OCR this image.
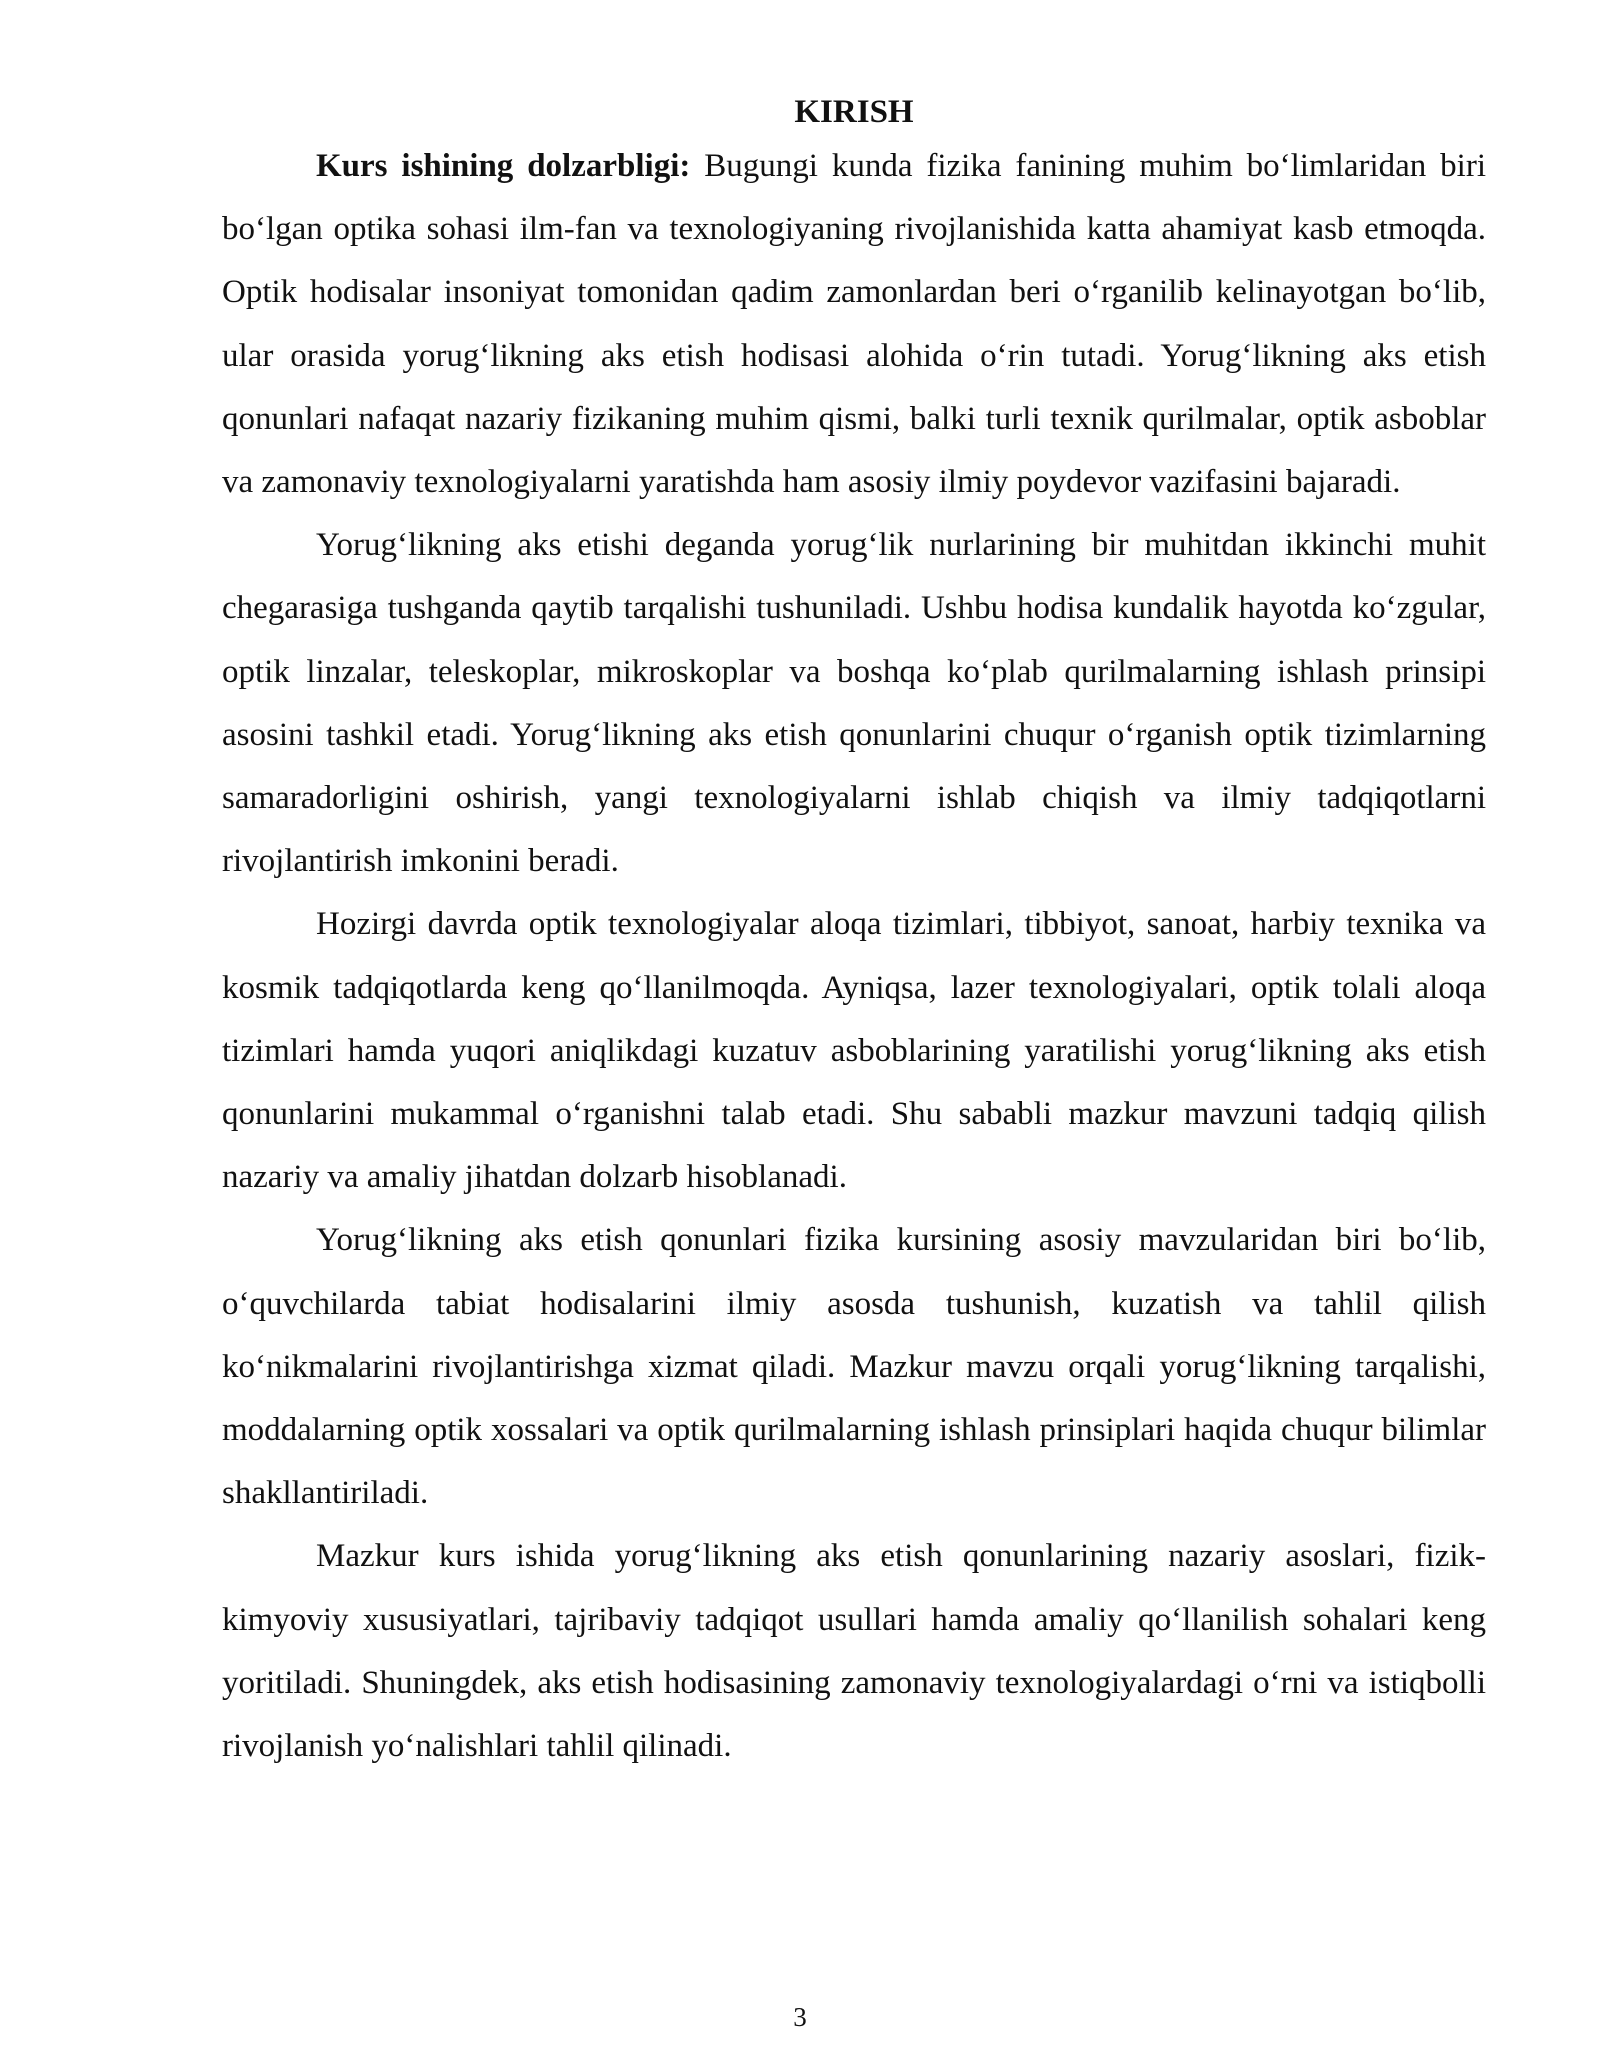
KIRISH

Kurs ishining dolzarbligi: Bugungi kunda fizika fanining muhim boʻlimlaridan biri boʻlgan optika sohasi ilm-fan va texnologiyaning rivojlanishida katta ahamiyat kasb etmoqda. Optik hodisalar insoniyat tomonidan qadim zamonlardan beri oʻrganilib kelinayotgan boʻlib, ular orasida yorugʻlikning aks etish hodisasi alohida oʻrin tutadi. Yorugʻlikning aks etish qonunlari nafaqat nazariy fizikaning muhim qismi, balki turli texnik qurilmalar, optik asboblar va zamonaviy texnologiyalarni yaratishda ham asosiy ilmiy poydevor vazifasini bajaradi.

Yorug‘likning aks etishi deganda yorug‘lik nurlarining bir muhitdan ikkinchi muhit chegarasiga tushganda qaytib tarqalishi tushuniladi. Ushbu hodisa kundalik hayotda ko‘zgular, optik linzalar, teleskoplar, mikroskoplar va boshqa ko‘plab qurilmalarning ishlash prinsipi asosini tashkil etadi. Yorug‘likning aks etish qonunlarini chuqur o‘rganish optik tizimlarning samaradorligini oshirish, yangi texnologiyalarni ishlab chiqish va ilmiy tadqiqotlarni rivojlantirish imkonini beradi.

Hozirgi davrda optik texnologiyalar aloqa tizimlari, tibbiyot, sanoat, harbiy texnika va kosmik tadqiqotlarda keng qo‘llanilmoqda. Ayniqsa, lazer texnologiyalari, optik tolali aloqa tizimlari hamda yuqori aniqlikdagi kuzatuv asboblarining yaratilishi yorug‘likning aks etish qonunlarini mukammal o‘rganishni talab etadi. Shu sababli mazkur mavzuni tadqiq qilish nazariy va amaliy jihatdan dolzarb hisoblanadi.

Yorug‘likning aks etish qonunlari fizika kursining asosiy mavzularidan biri bo‘lib, o‘quvchilarda tabiat hodisalarini ilmiy asosda tushunish, kuzatish va tahlil qilish ko‘nikmalarini rivojlantirishga xizmat qiladi. Mazkur mavzu orqali yorug‘likning tarqalishi, moddalarning optik xossalari va optik qurilmalarning ishlash prinsiplari haqida chuqur bilimlar shakllantiriladi.

Mazkur kurs ishida yorug‘likning aks etish qonunlarining nazariy asoslari, fizik-kimyoviy xususiyatlari, tajribaviy tadqiqot usullari hamda amaliy qo‘llanilish sohalari keng yoritiladi. Shuningdek, aks etish hodisasining zamonaviy texnologiyalardagi o‘rni va istiqbolli rivojlanish yo‘nalishlari tahlil qilinadi.

3
